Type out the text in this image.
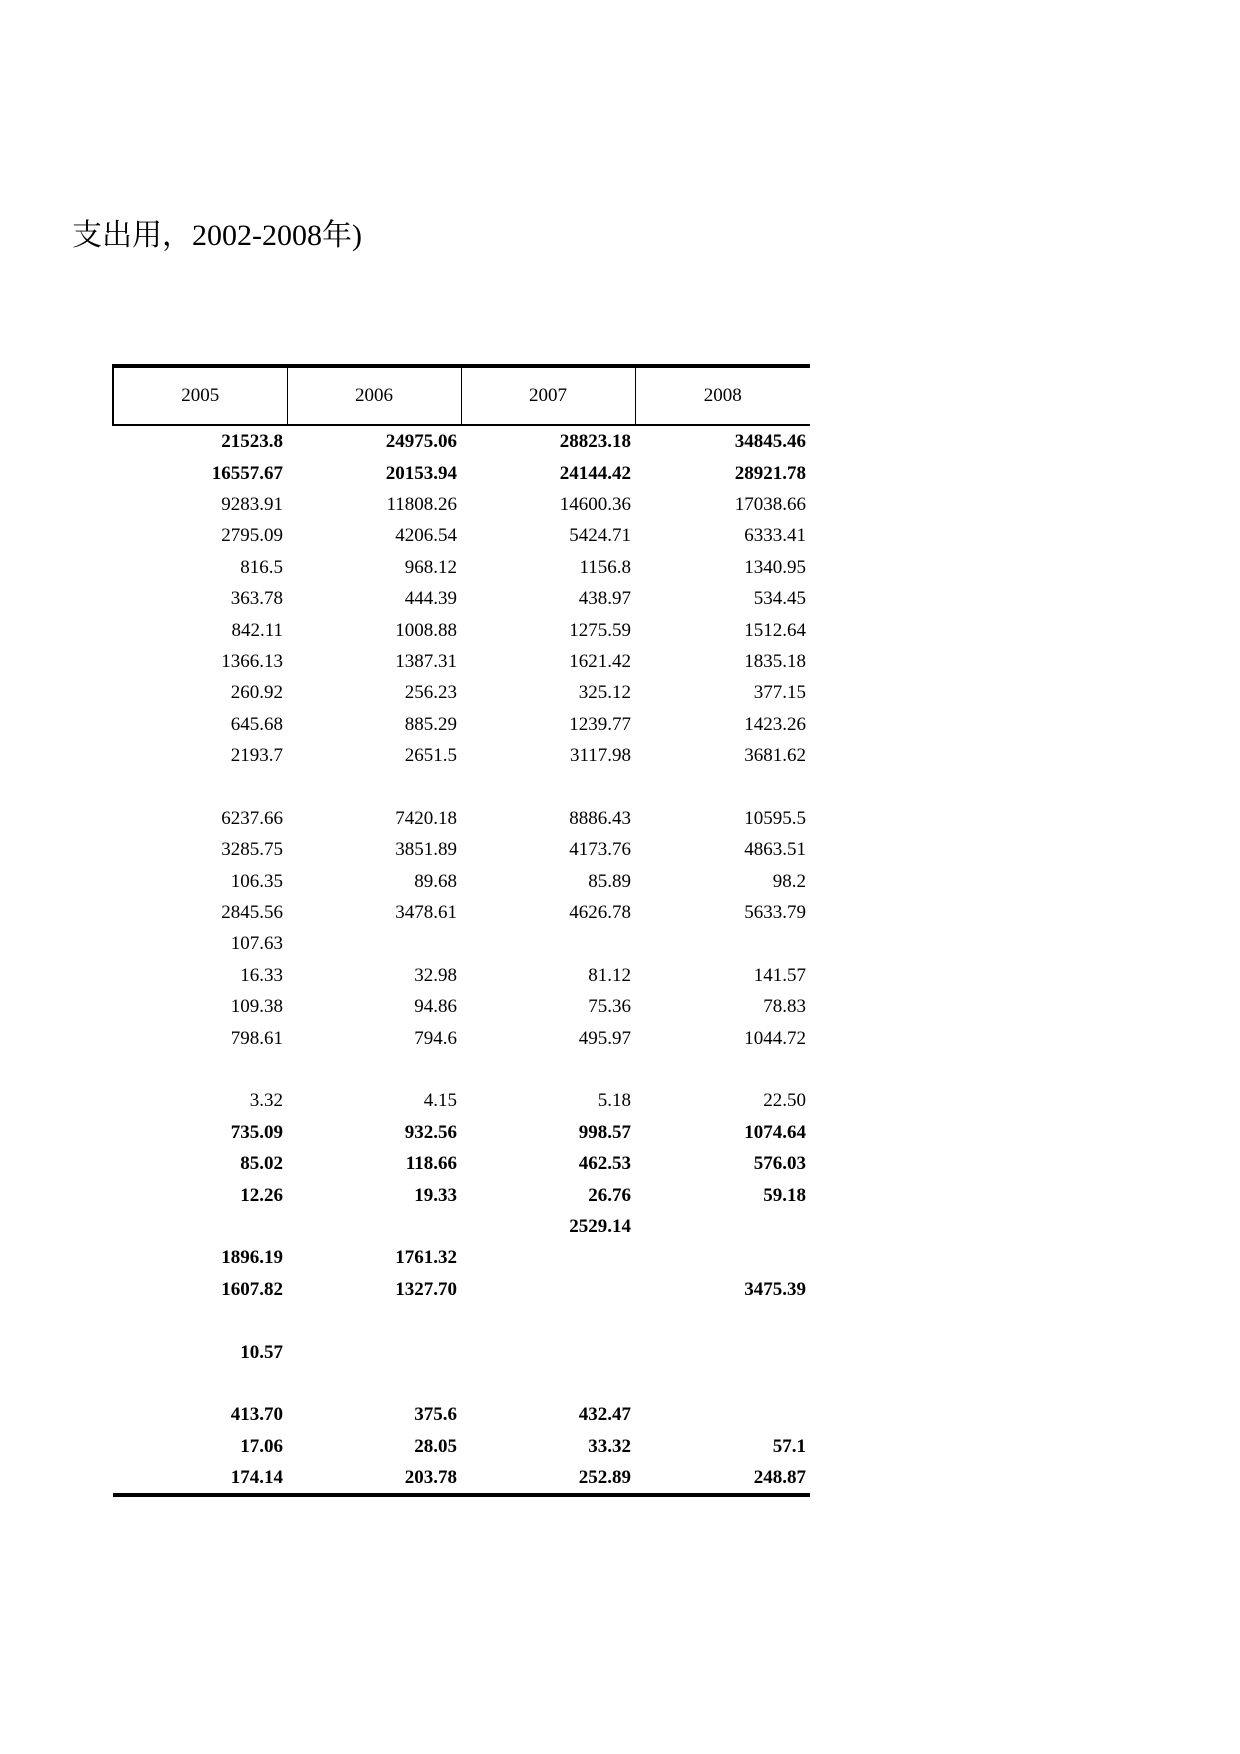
支出用，2002-2008年)
2005	2006	2007	2008
21523.8	24975.06	28823.18	34845.46
16557.67	20153.94	24144.42	28921.78
9283.91	11808.26	14600.36	17038.66
2795.09	4206.54	5424.71	6333.41
816.5	968.12	1156.8	1340.95
363.78	444.39	438.97	534.45
842.11	1008.88	1275.59	1512.64
1366.13	1387.31	1621.42	1835.18
260.92	256.23	325.12	377.15
645.68	885.29	1239.77	1423.26
2193.7	2651.5	3117.98	3681.62

6237.66	7420.18	8886.43	10595.5
3285.75	3851.89	4173.76	4863.51
106.35	89.68	85.89	98.2
2845.56	3478.61	4626.78	5633.79
107.63			
16.33	32.98	81.12	141.57
109.38	94.86	75.36	78.83
798.61	794.6	495.97	1044.72

3.32	4.15	5.18	22.50
735.09	932.56	998.57	1074.64
85.02	118.66	462.53	576.03
12.26	19.33	26.76	59.18
		2529.14	
1896.19	1761.32		
1607.82	1327.70		3475.39

10.57			

413.70	375.6	432.47	
17.06	28.05	33.32	57.1
174.14	203.78	252.89	248.87
